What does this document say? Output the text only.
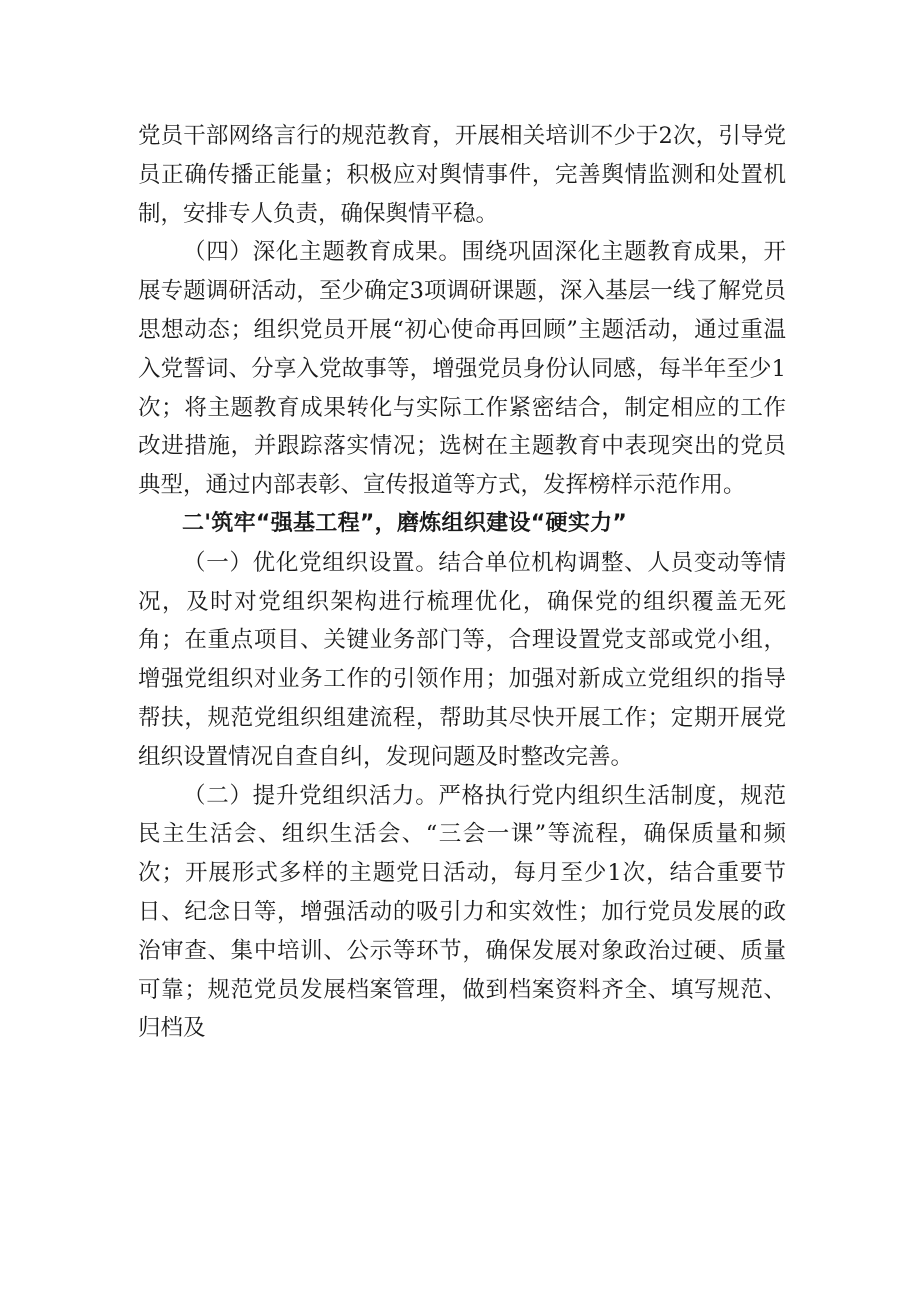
党员干部网络言行的规范教育，开展相关培训不少于2次，引导党员正确传播正能量；积极应对舆情事件，完善舆情监测和处置机制，安排专人负责，确保舆情平稳。

（四）深化主题教育成果。围绕巩固深化主题教育成果，开展专题调研活动，至少确定3项调研课题，深入基层一线了解党员思想动态；组织党员开展“初心使命再回顾”主题活动，通过重温入党誓词、分享入党故事等，增强党员身份认同感，每半年至少1次；将主题教育成果转化与实际工作紧密结合，制定相应的工作改进措施，并跟踪落实情况；选树在主题教育中表现突出的党员典型，通过内部表彰、宣传报道等方式，发挥榜样示范作用。

二'筑牢“强基工程”，磨炼组织建设“硬实力”

（一）优化党组织设置。结合单位机构调整、人员变动等情况，及时对党组织架构进行梳理优化，确保党的组织覆盖无死角；在重点项目、关键业务部门等，合理设置党支部或党小组，增强党组织对业务工作的引领作用；加强对新成立党组织的指导帮扶，规范党组织组建流程，帮助其尽快开展工作；定期开展党组织设置情况自查自纠，发现问题及时整改完善。

（二）提升党组织活力。严格执行党内组织生活制度，规范民主生活会、组织生活会、“三会一课”等流程，确保质量和频次；开展形式多样的主题党日活动，每月至少1次，结合重要节日、纪念日等，增强活动的吸引力和实效性；加行党员发展的政治审查、集中培训、公示等环节，确保发展对象政治过硬、质量可靠；规范党员发展档案管理，做到档案资料齐全、填写规范、归档及
